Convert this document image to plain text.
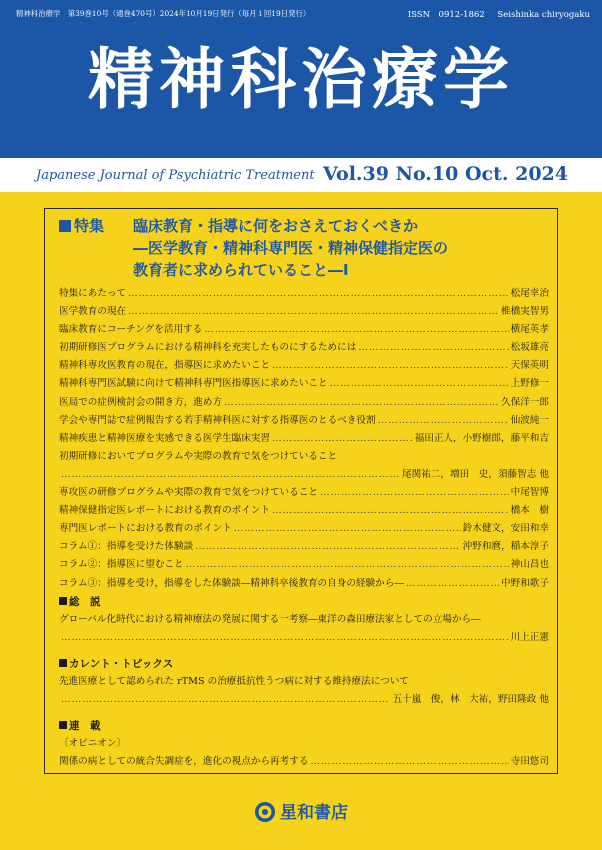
精神科治療学　第39巻10号（通巻470号）2024年10月19日発行（毎月１回19日発行）	ISSN　0912-1862 Seishinka chiryogaku
精神科治療学
Japanese Journal of Psychiatric Treatment Vol.39 No.10 Oct. 2024
特集 臨床教育・指導に何をおさえておくべきか
―医学教育・精神科専門医・精神保健指定医の
教育者に求められていること―Ⅰ
特集にあたって ……………………………………………………………………………………………………………………………………………………………………………………………………………	松尾幸治
医学教育の現在 ……………………………………………………………………………………………………………………………………………………………………………………………………………	椎橋実智男
臨床教育にコーチングを活用する ……………………………………………………………………………………………………………………………………………………………………………………………………………	横尾英孝
初期研修医プログラムにおける精神科を充実したものにするためには ……………………………………………………………………………………………………………………………………………………………………………………………………………	松坂雄亮
精神科専攻医教育の現在，指導医に求めたいこと ……………………………………………………………………………………………………………………………………………………………………………………………………………	天保英明
精神科専門医試験に向けて精神科専門医指導医に求めたいこと ……………………………………………………………………………………………………………………………………………………………………………………………………………	上野修一
医局での症例検討会の開き方，進め方 ……………………………………………………………………………………………………………………………………………………………………………………………………………	久保洋一郎
学会や専門誌で症例報告する若手精神科医に対する指導医のとるべき役割 ……………………………………………………………………………………………………………………………………………………………………………………………………………	仙波純一
精神疾患と精神医療を実感できる医学生臨床実習 ……………………………………………………………………………………………………………………………………………………………………………………………………………	福田正人，小野樹郎，藤平和吉
初期研修においてプログラムや実際の教育で気をつけていること
……………………………………………………………………………………………………………………………………………………………………………………………………………
尾関祐二，増田　史，須藤智志 他
専攻医の研修プログラムや実際の教育で気をつけていること ……………………………………………………………………………………………………………………………………………………………………………………………………………	中尾智博
精神保健指定医レポートにおける教育のポイント ……………………………………………………………………………………………………………………………………………………………………………………………………………	橋本　樹
専門医レポートにおける教育のポイント ……………………………………………………………………………………………………………………………………………………………………………………………………………	鈴木健文，安田和幸
コラム①：指導を受けた体験談 ……………………………………………………………………………………………………………………………………………………………………………………………………………	沖野和麿，稲本淳子
コラム②：指導医に望むこと ……………………………………………………………………………………………………………………………………………………………………………………………………………	神山昌也
コラム③：指導を受け，指導をした体験談―精神科卒後教育の自身の経験から― ……………………………………………………………………………………………………………………………………………………………………………………………………………	中野和歌子
総　説
グローバル化時代における精神療法の発展に関する一考察―東洋の森田療法家としての立場から―
……………………………………………………………………………………………………………………………………………………………………………………………………………
川上正憲
カレント・トピックス
先進医療として認められた rTMS の治療抵抗性うつ病に対する維持療法について
……………………………………………………………………………………………………………………………………………………………………………………………………………
五十嵐　俊，林　大祐，野田隆政 他
連　載
〔オピニオン〕
関係の病としての統合失調症を，進化の視点から再考する ……………………………………………………………………………………………………………………………………………………………………………………………………………	寺田悠司
星和書店
